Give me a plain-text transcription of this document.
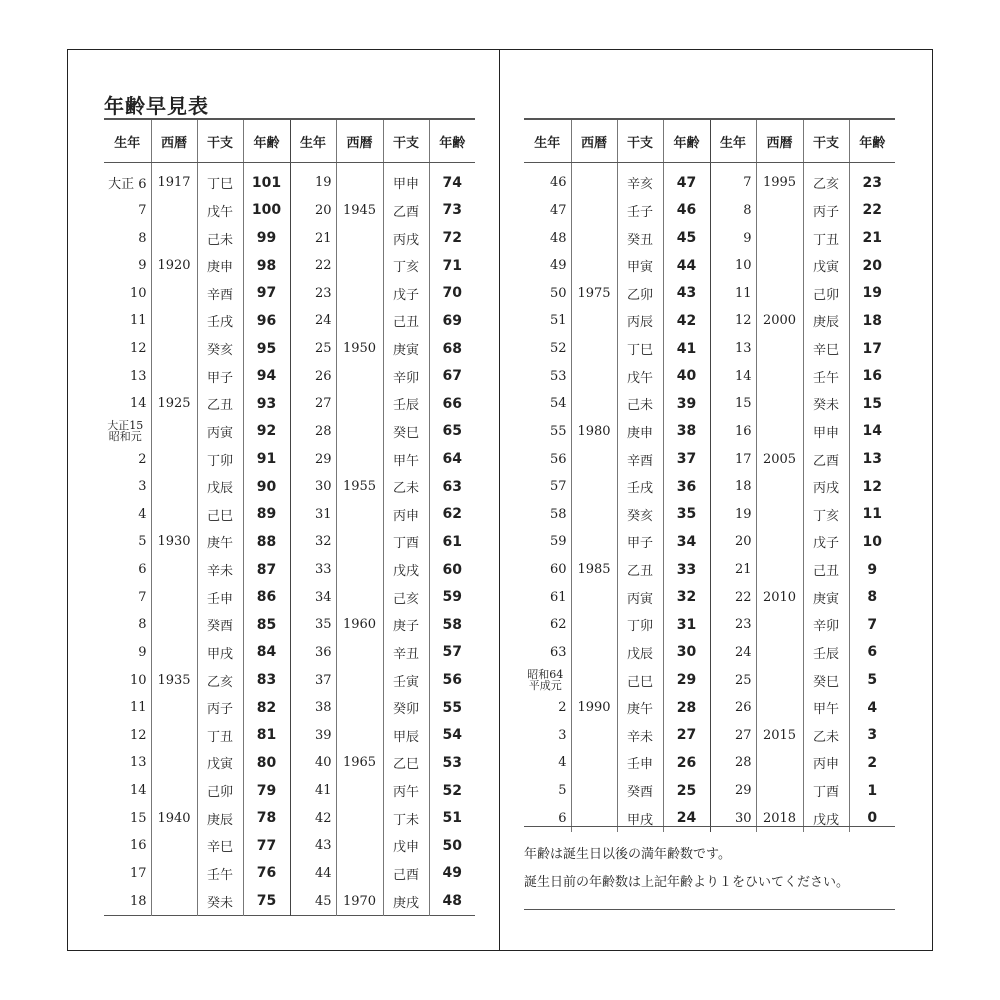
年齢早見表
生年	西暦	干支	年齢	生年	西暦	干支	年齢
大正 6	1917	丁巳	101	19		甲申	74
7		戊午	100	20	1945	乙酉	73
8		己未	99	21		丙戌	72
9	1920	庚申	98	22		丁亥	71
10		辛酉	97	23		戊子	70
11		壬戌	96	24		己丑	69
12		癸亥	95	25	1950	庚寅	68
13		甲子	94	26		辛卯	67
14	1925	乙丑	93	27		壬辰	66

大正15
昭和元		丙寅	92	28		癸巳	65
2		丁卯	91	29		甲午	64
3		戊辰	90	30	1955	乙未	63
4		己巳	89	31		丙申	62
5	1930	庚午	88	32		丁酉	61
6		辛未	87	33		戊戌	60
7		壬申	86	34		己亥	59
8		癸酉	85	35	1960	庚子	58
9		甲戌	84	36		辛丑	57
10	1935	乙亥	83	37		壬寅	56
11		丙子	82	38		癸卯	55
12		丁丑	81	39		甲辰	54
13		戊寅	80	40	1965	乙巳	53
14		己卯	79	41		丙午	52
15	1940	庚辰	78	42		丁未	51
16		辛巳	77	43		戊申	50
17		壬午	76	44		己酉	49
18		癸未	75	45	1970	庚戌	48
生年	西暦	干支	年齢	生年	西暦	干支	年齢
46		辛亥	47	7	1995	乙亥	23
47		壬子	46	8		丙子	22
48		癸丑	45	9		丁丑	21
49		甲寅	44	10		戊寅	20
50	1975	乙卯	43	11		己卯	19
51		丙辰	42	12	2000	庚辰	18
52		丁巳	41	13		辛巳	17
53		戊午	40	14		壬午	16
54		己未	39	15		癸未	15
55	1980	庚申	38	16		甲申	14
56		辛酉	37	17	2005	乙酉	13
57		壬戌	36	18		丙戌	12
58		癸亥	35	19		丁亥	11
59		甲子	34	20		戊子	10
60	1985	乙丑	33	21		己丑	9
61		丙寅	32	22	2010	庚寅	8
62		丁卯	31	23		辛卯	7
63		戊辰	30	24		壬辰	6

昭和64
平成元		己巳	29	25		癸巳	5
2	1990	庚午	28	26		甲午	4
3		辛未	27	27	2015	乙未	3
4		壬申	26	28		丙申	2
5		癸酉	25	29		丁酉	1
6		甲戌	24	30	2018	戊戌	0
年齢は誕生日以後の満年齢数です。
誕生日前の年齢数は上記年齢より１をひいてください。
